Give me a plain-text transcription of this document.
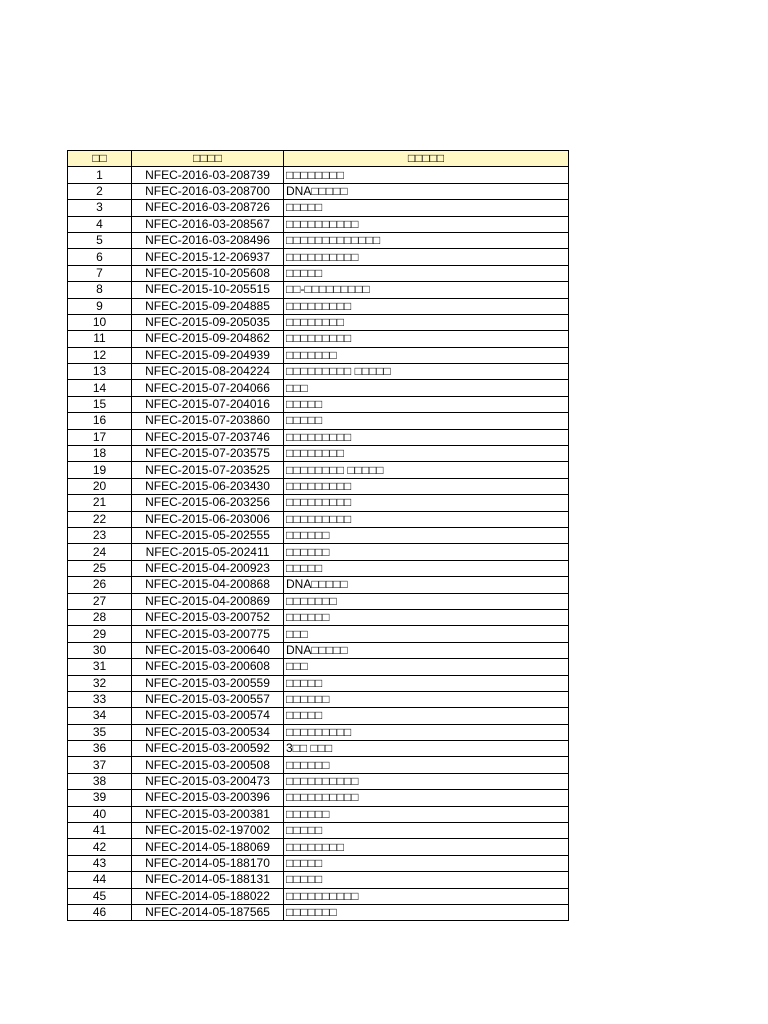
□□	□□□□	□□□□□
1	NFEC-2016-03-208739	□□□□□□□□
2	NFEC-2016-03-208700	DNA□□□□□
3	NFEC-2016-03-208726	□□□□□
4	NFEC-2016-03-208567	□□□□□□□□□□
5	NFEC-2016-03-208496	□□□□□□□□□□□□□
6	NFEC-2015-12-206937	□□□□□□□□□□
7	NFEC-2015-10-205608	□□□□□
8	NFEC-2015-10-205515	□□-□□□□□□□□□
9	NFEC-2015-09-204885	□□□□□□□□□
10	NFEC-2015-09-205035	□□□□□□□□
11	NFEC-2015-09-204862	□□□□□□□□□
12	NFEC-2015-09-204939	□□□□□□□
13	NFEC-2015-08-204224	□□□□□□□□□ □□□□□
14	NFEC-2015-07-204066	□□□
15	NFEC-2015-07-204016	□□□□□
16	NFEC-2015-07-203860	□□□□□
17	NFEC-2015-07-203746	□□□□□□□□□
18	NFEC-2015-07-203575	□□□□□□□□
19	NFEC-2015-07-203525	□□□□□□□□ □□□□□
20	NFEC-2015-06-203430	□□□□□□□□□
21	NFEC-2015-06-203256	□□□□□□□□□
22	NFEC-2015-06-203006	□□□□□□□□□
23	NFEC-2015-05-202555	□□□□□□
24	NFEC-2015-05-202411	□□□□□□
25	NFEC-2015-04-200923	□□□□□
26	NFEC-2015-04-200868	DNA□□□□□
27	NFEC-2015-04-200869	□□□□□□□
28	NFEC-2015-03-200752	□□□□□□
29	NFEC-2015-03-200775	□□□
30	NFEC-2015-03-200640	DNA□□□□□
31	NFEC-2015-03-200608	□□□
32	NFEC-2015-03-200559	□□□□□
33	NFEC-2015-03-200557	□□□□□□
34	NFEC-2015-03-200574	□□□□□
35	NFEC-2015-03-200534	□□□□□□□□□
36	NFEC-2015-03-200592	3□□ □□□
37	NFEC-2015-03-200508	□□□□□□
38	NFEC-2015-03-200473	□□□□□□□□□□
39	NFEC-2015-03-200396	□□□□□□□□□□
40	NFEC-2015-03-200381	□□□□□□
41	NFEC-2015-02-197002	□□□□□
42	NFEC-2014-05-188069	□□□□□□□□
43	NFEC-2014-05-188170	□□□□□
44	NFEC-2014-05-188131	□□□□□
45	NFEC-2014-05-188022	□□□□□□□□□□
46	NFEC-2014-05-187565	□□□□□□□
